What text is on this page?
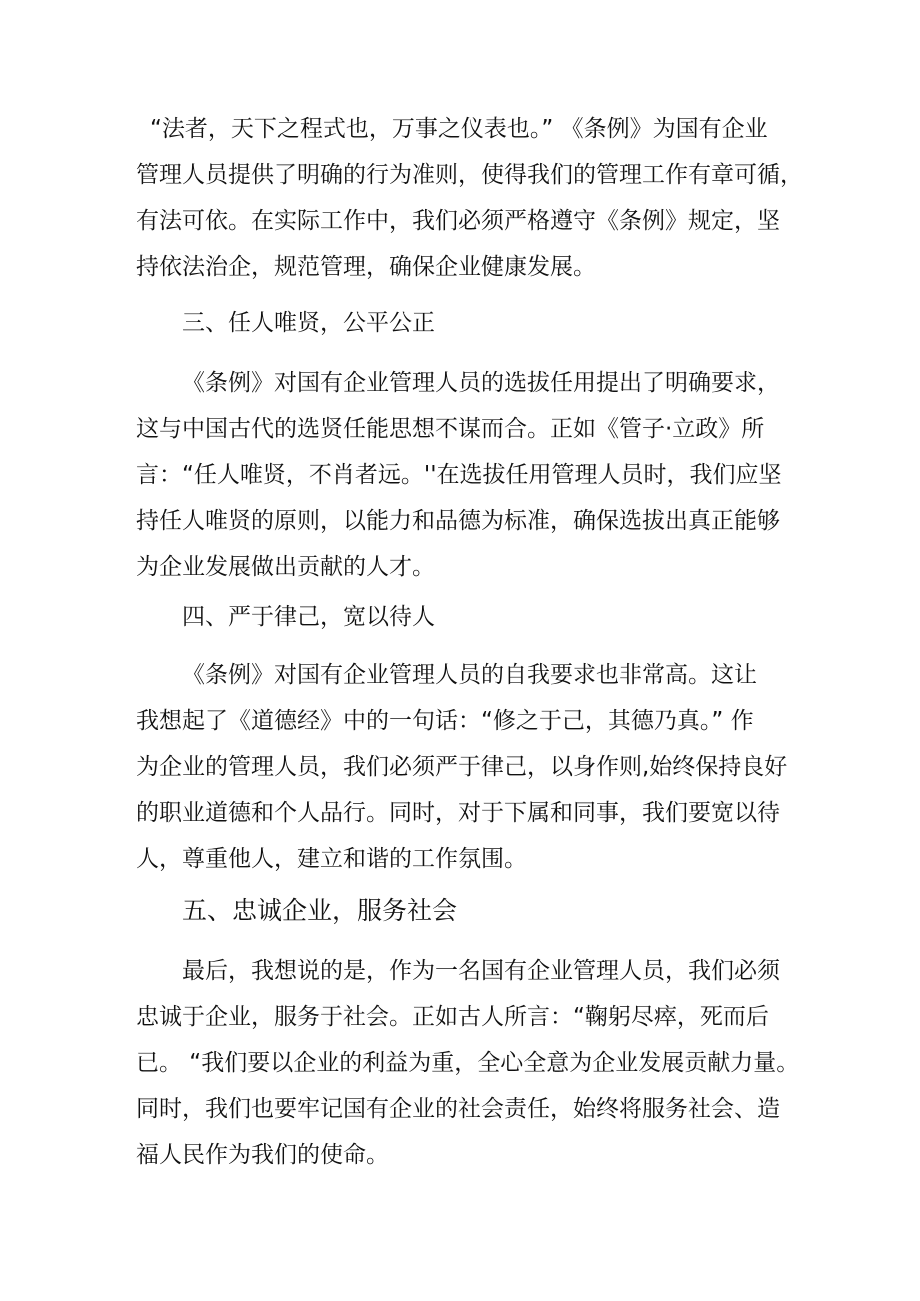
“法者，天下之程式也，万事之仪表也。” 《条例》为国有企业
管理人员提供了明确的行为准则，使得我们的管理工作有章可循，
有法可依。在实际工作中，我们必须严格遵守《条例》规定，坚
持依法治企，规范管理，确保企业健康发展。
三、任人唯贤，公平公正
《条例》对国有企业管理人员的选拔任用提出了明确要求，
这与中国古代的选贤任能思想不谋而合。正如《管子·立政》所
言：“任人唯贤，不肖者远。''在选拔任用管理人员时，我们应坚
持任人唯贤的原则，以能力和品德为标准，确保选拔出真正能够
为企业发展做出贡献的人才。
四、严于律己，宽以待人
《条例》对国有企业管理人员的自我要求也非常高。这让
我想起了《道德经》中的一句话：“修之于己，其德乃真。” 作
为企业的管理人员，我们必须严于律己，以身作则,始终保持良好
的职业道德和个人品行。同时，对于下属和同事，我们要宽以待
人，尊重他人，建立和谐的工作氛围。
五、忠诚企业，服务社会
最后，我想说的是，作为一名国有企业管理人员，我们必须
忠诚于企业，服务于社会。正如古人所言：“鞠躬尽瘁，死而后
已。 “我们要以企业的利益为重，全心全意为企业发展贡献力量。
同时，我们也要牢记国有企业的社会责任，始终将服务社会、造
福人民作为我们的使命。
